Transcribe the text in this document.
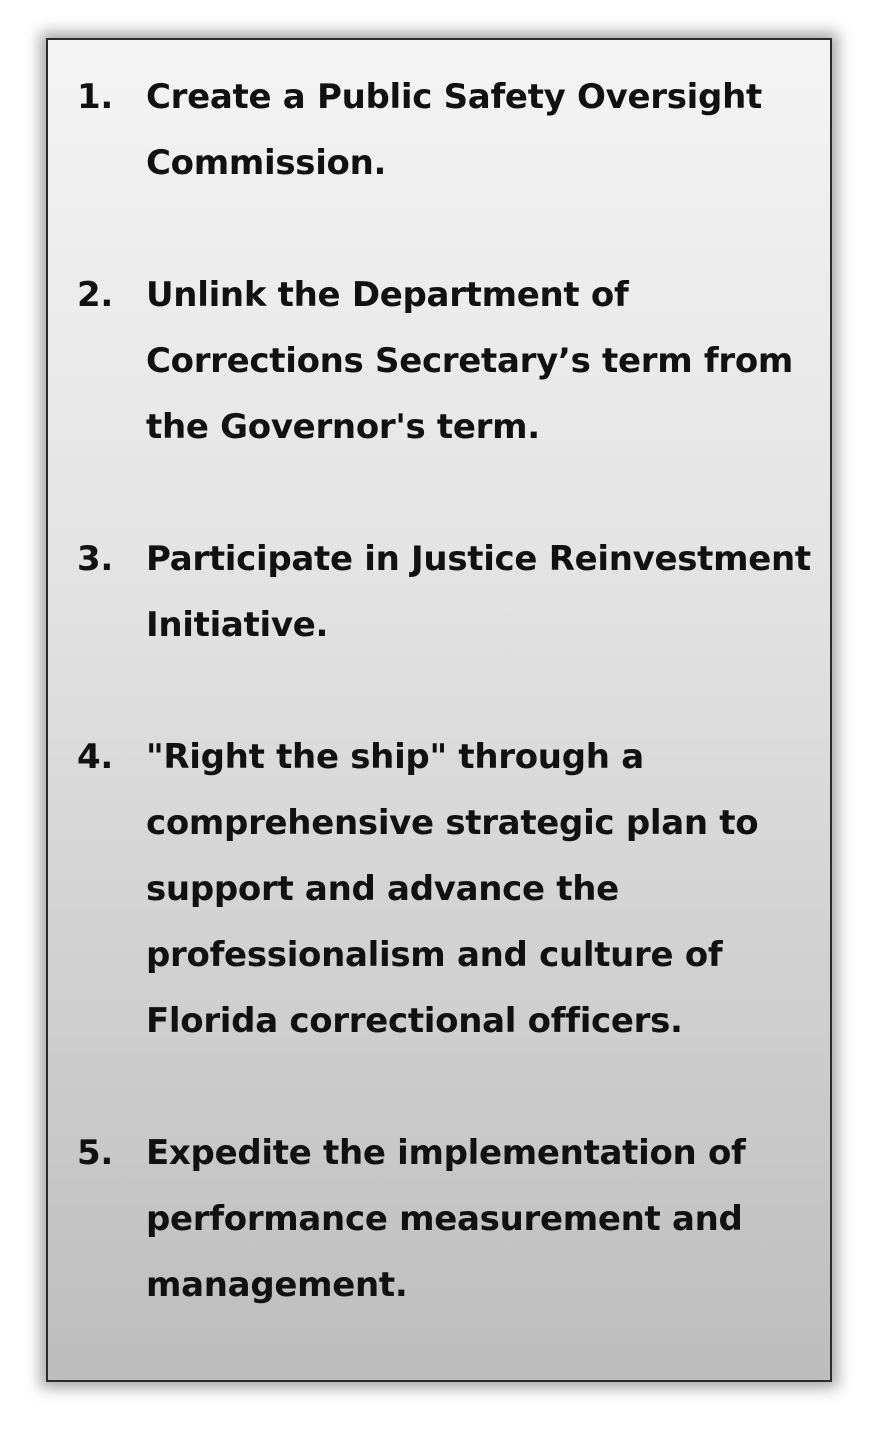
1. Create a Public Safety Oversight
Commission.
2. Unlink the Department of
Corrections Secretary’s term from
the Governor's term.
3. Participate in Justice Reinvestment
Initiative.
4. "Right the ship" through a
comprehensive strategic plan to
support and advance the
professionalism and culture of
Florida correctional officers.
5. Expedite the implementation of
performance measurement and
management.
